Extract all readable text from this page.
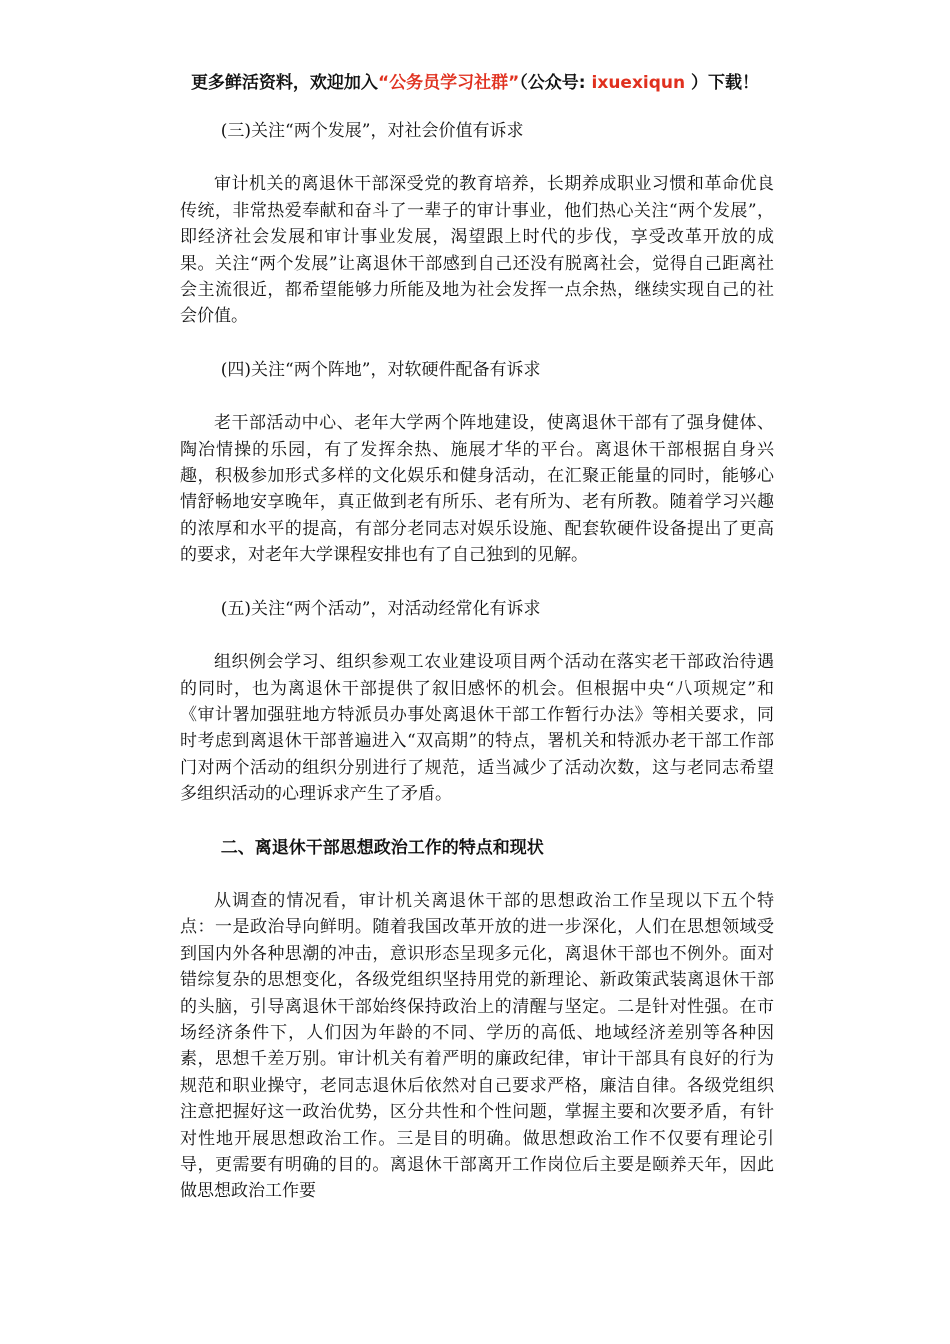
更多鲜活资料，欢迎加入“公务员学习社群”（公众号: ixuexiqun ）下载！

(三)关注“两个发展”，对社会价值有诉求

审计机关的离退休干部深受党的教育培养，长期养成职业习惯和革命优良传统，非常热爱奉献和奋斗了一辈子的审计事业，他们热心关注“两个发展”，即经济社会发展和审计事业发展，渴望跟上时代的步伐，享受改革开放的成果。关注“两个发展”让离退休干部感到自己还没有脱离社会，觉得自己距离社会主流很近，都希望能够力所能及地为社会发挥一点余热，继续实现自己的社会价值。

(四)关注“两个阵地”，对软硬件配备有诉求

老干部活动中心、老年大学两个阵地建设，使离退休干部有了强身健体、陶冶情操的乐园，有了发挥余热、施展才华的平台。离退休干部根据自身兴趣，积极参加形式多样的文化娱乐和健身活动，在汇聚正能量的同时，能够心情舒畅地安享晚年，真正做到老有所乐、老有所为、老有所教。随着学习兴趣的浓厚和水平的提高，有部分老同志对娱乐设施、配套软硬件设备提出了更高的要求，对老年大学课程安排也有了自己独到的见解。

(五)关注“两个活动”，对活动经常化有诉求

组织例会学习、组织参观工农业建设项目两个活动在落实老干部政治待遇的同时，也为离退休干部提供了叙旧感怀的机会。但根据中央“八项规定”和《审计署加强驻地方特派员办事处离退休干部工作暂行办法》等相关要求，同时考虑到离退休干部普遍进入“双高期”的特点，署机关和特派办老干部工作部门对两个活动的组织分别进行了规范，适当减少了活动次数，这与老同志希望多组织活动的心理诉求产生了矛盾。

二、离退休干部思想政治工作的特点和现状

从调查的情况看，审计机关离退休干部的思想政治工作呈现以下五个特点：一是政治导向鲜明。随着我国改革开放的进一步深化，人们在思想领域受到国内外各种思潮的冲击，意识形态呈现多元化，离退休干部也不例外。面对错综复杂的思想变化，各级党组织坚持用党的新理论、新政策武装离退休干部的头脑，引导离退休干部始终保持政治上的清醒与坚定。二是针对性强。在市场经济条件下，人们因为年龄的不同、学历的高低、地域经济差别等各种因素，思想千差万别。审计机关有着严明的廉政纪律，审计干部具有良好的行为规范和职业操守，老同志退休后依然对自己要求严格，廉洁自律。各级党组织注意把握好这一政治优势，区分共性和个性问题，掌握主要和次要矛盾，有针对性地开展思想政治工作。三是目的明确。做思想政治工作不仅要有理论引导，更需要有明确的目的。离退休干部离开工作岗位后主要是颐养天年，因此做思想政治工作要
